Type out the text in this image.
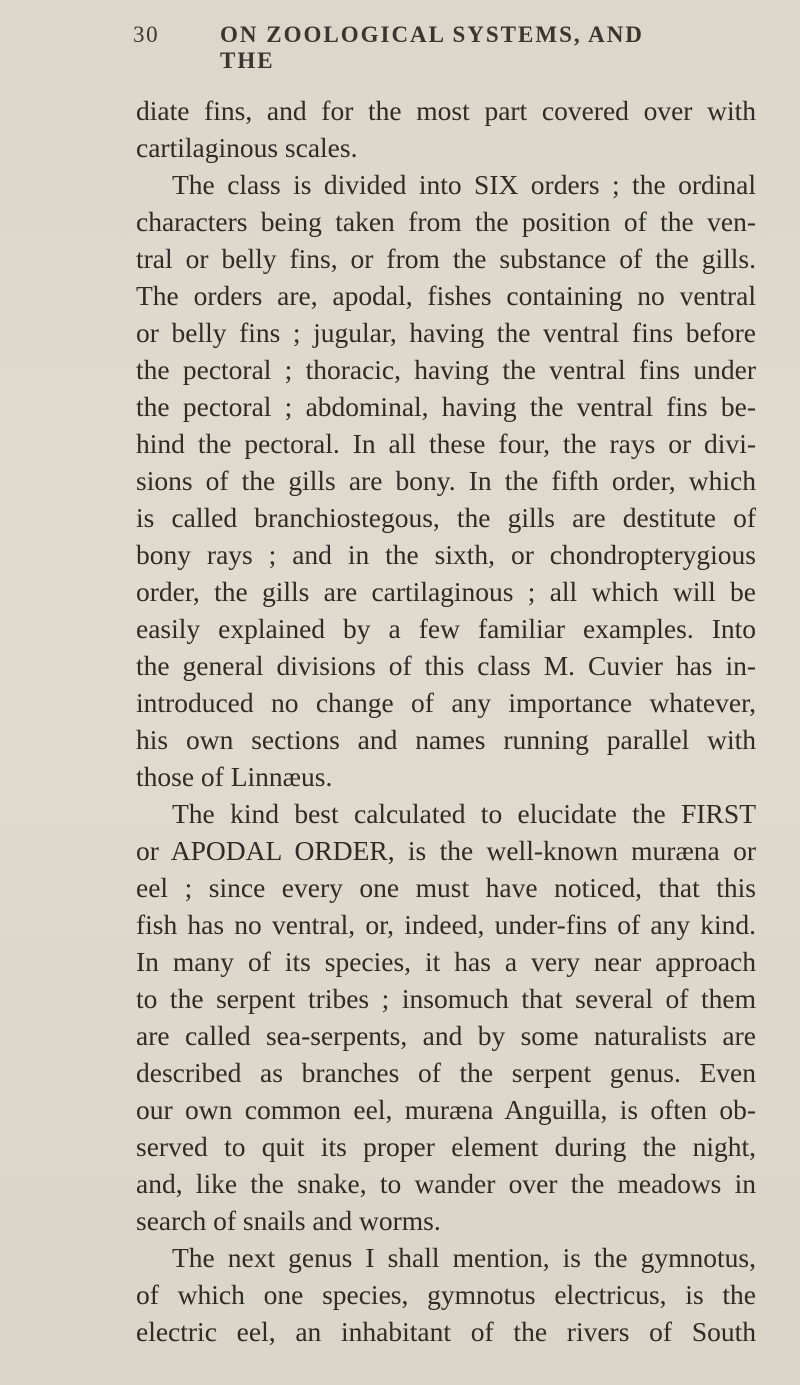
30	ON ZOOLOGICAL SYSTEMS, AND THE
diate fins, and for the most part covered over with
cartilaginous scales.
The class is divided into SIX orders ; the ordinal
characters being taken from the position of the ven-
tral or belly fins, or from the substance of the gills.
The orders are, apodal, fishes containing no ventral
or belly fins ; jugular, having the ventral fins before
the pectoral ; thoracic, having the ventral fins under
the pectoral ; abdominal, having the ventral fins be-
hind the pectoral. In all these four, the rays or divi-
sions of the gills are bony. In the fifth order, which
is called branchiostegous, the gills are destitute of
bony rays ; and in the sixth, or chondropterygious
order, the gills are cartilaginous ; all which will be
easily explained by a few familiar examples. Into
the general divisions of this class M. Cuvier has in-
introduced no change of any importance whatever,
his own sections and names running parallel with
those of Linnæus.
The kind best calculated to elucidate the FIRST
or APODAL ORDER, is the well-known muræna or
eel ; since every one must have noticed, that this
fish has no ventral, or, indeed, under-fins of any kind.
In many of its species, it has a very near approach
to the serpent tribes ; insomuch that several of them
are called sea-serpents, and by some naturalists are
described as branches of the serpent genus. Even
our own common eel, muræna Anguilla, is often ob-
served to quit its proper element during the night,
and, like the snake, to wander over the meadows in
search of snails and worms.
The next genus I shall mention, is the gymnotus,
of which one species, gymnotus electricus, is the
electric eel, an inhabitant of the rivers of South
